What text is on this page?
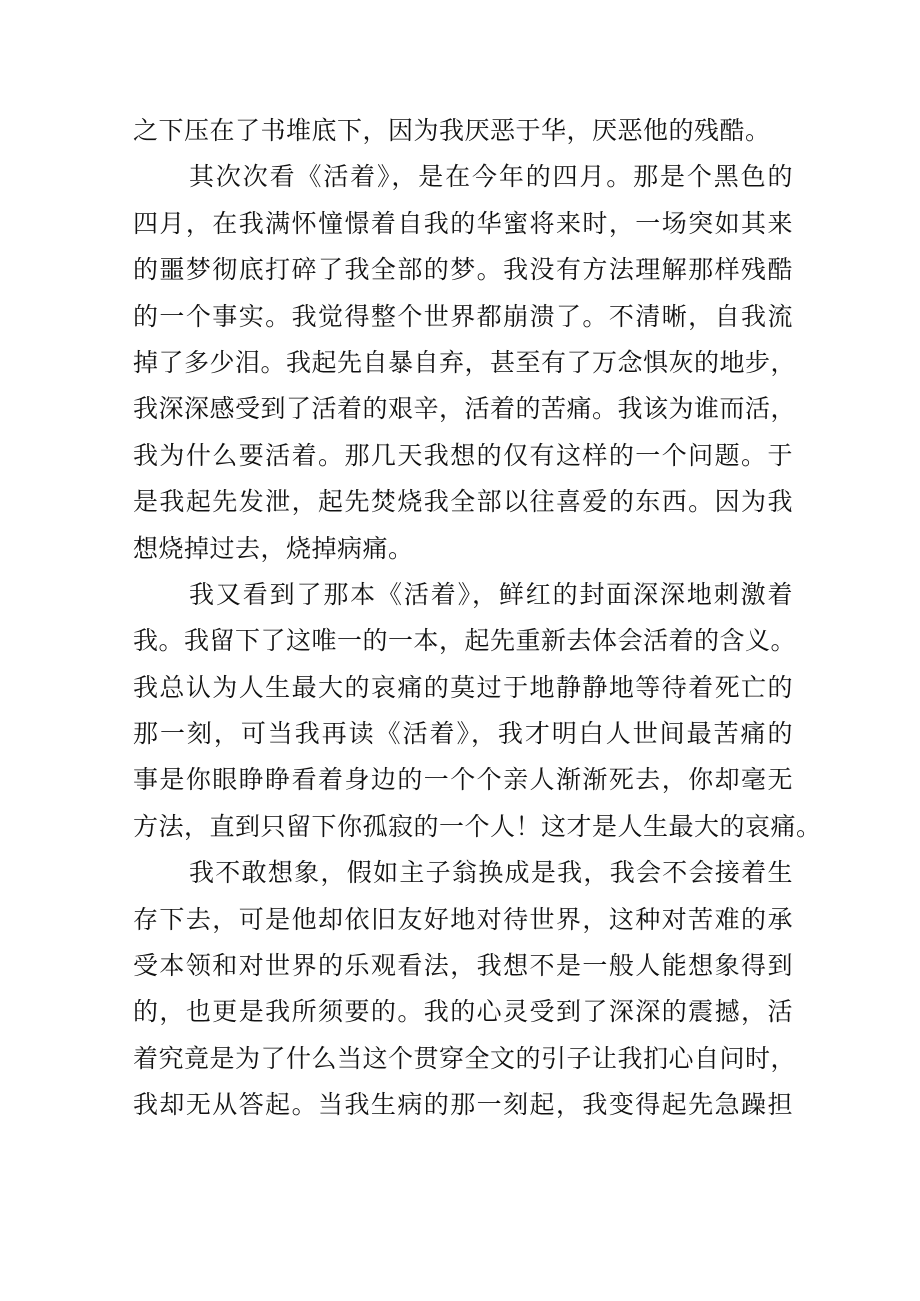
之下压在了书堆底下，因为我厌恶于华，厌恶他的残酷。
其次次看《活着》，是在今年的四月。那是个黑色的
四月，在我满怀憧憬着自我的华蜜将来时，一场突如其来
的噩梦彻底打碎了我全部的梦。我没有方法理解那样残酷
的一个事实。我觉得整个世界都崩溃了。不清晰，自我流
掉了多少泪。我起先自暴自弃，甚至有了万念惧灰的地步，
我深深感受到了活着的艰辛，活着的苦痛。我该为谁而活，
我为什么要活着。那几天我想的仅有这样的一个问题。于
是我起先发泄，起先焚烧我全部以往喜爱的东西。因为我
想烧掉过去，烧掉病痛。
我又看到了那本《活着》，鲜红的封面深深地刺激着
我。我留下了这唯一的一本，起先重新去体会活着的含义。
我总认为人生最大的哀痛的莫过于地静静地等待着死亡的
那一刻，可当我再读《活着》，我才明白人世间最苦痛的
事是你眼睁睁看着身边的一个个亲人渐渐死去，你却毫无
方法，直到只留下你孤寂的一个人！这才是人生最大的哀痛。
我不敢想象，假如主子翁换成是我，我会不会接着生
存下去，可是他却依旧友好地对待世界，这种对苦难的承
受本领和对世界的乐观看法，我想不是一般人能想象得到
的，也更是我所须要的。我的心灵受到了深深的震撼，活
着究竟是为了什么当这个贯穿全文的引子让我扪心自问时，
我却无从答起。当我生病的那一刻起，我变得起先急躁担
